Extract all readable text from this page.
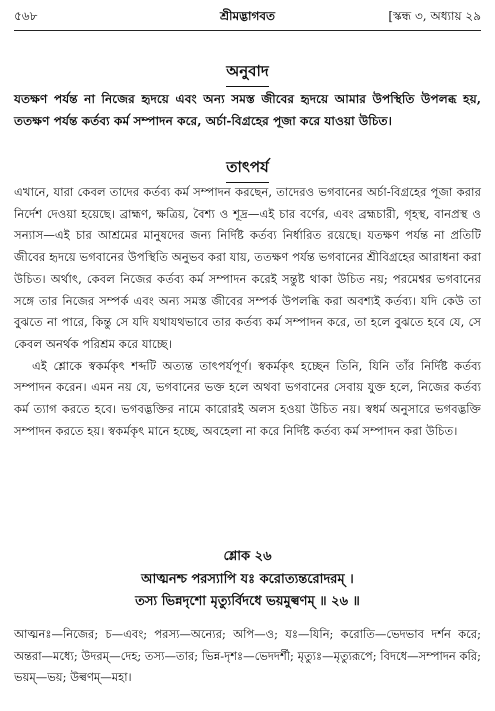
৫৬৮	শ্রীমদ্ভাগবত	[স্কন্ধ ৩, অধ্যায় ২৯
অনুবাদ
যতক্ষণ পর্যন্ত না নিজের হৃদয়ে এবং অন্য সমস্ত জীবের হৃদয়ে আমার উপস্থিতি উপলব্ধ হয়, ততক্ষণ পর্যন্ত কর্তব্য কর্ম সম্পাদন করে, অর্চা-বিগ্রহের পূজা করে যাওয়া উচিত।
তাৎপর্য

এখানে, যারা কেবল তাদের কর্তব্য কর্ম সম্পাদন করছেন, তাদেরও ভগবানের অর্চা-বিগ্রহের পূজা করার নির্দেশ দেওয়া হয়েছে। ব্রাহ্মণ, ক্ষত্রিয়, বৈশ্য ও শূদ্র—এই চার বর্ণের, এবং ব্রহ্মচারী, গৃহস্থ, বানপ্রস্থ ও সন্যাস—এই চার আশ্রমের মানুষদের জন্য নির্দিষ্ট কর্তব্য নির্ধারিত রয়েছে। যতক্ষণ পর্যন্ত না প্রতিটি জীবের হৃদয়ে ভগবানের উপস্থিতি অনুভব করা যায়, ততক্ষণ পর্যন্ত ভগবানের শ্রীবিগ্রহের আরাধনা করা উচিত। অর্থাৎ, কেবল নিজের কর্তব্য কর্ম সম্পাদন করেই সন্তুষ্ট থাকা উচিত নয়; পরমেশ্বর ভগবানের সঙ্গে তার নিজের সম্পর্ক এবং অন্য সমস্ত জীবের সম্পর্ক উপলব্ধি করা অবশ্যই কর্তব্য। যদি কেউ তা বুঝতে না পারে, কিন্তু সে যদি যথাযথভাবে তার কর্তব্য কর্ম সম্পাদন করে, তা হলে বুঝতে হবে যে, সে কেবল অনর্থক পরিশ্রম করে যাচ্ছে।

এই শ্লোকে স্বকর্মকৃৎ শব্দটি অত্যন্ত তাৎপর্যপূর্ণ। স্বকর্মকৃৎ হচ্ছেন তিনি, যিনি তাঁর নির্দিষ্ট কর্তব্য সম্পাদন করেন। এমন নয় যে, ভগবানের ভক্ত হলে অথবা ভগবানের সেবায় যুক্ত হলে, নিজের কর্তব্য কর্ম ত্যাগ করতে হবে। ভগবদ্ভক্তির নামে কারোরই অলস হওয়া উচিত নয়। স্বধর্ম অনুসারে ভগবদ্ভক্তি সম্পাদন করতে হয়। স্বকর্মকৃৎ মানে হচ্ছে, অবহেলা না করে নির্দিষ্ট কর্তব্য কর্ম সম্পাদন করা উচিত।

শ্লোক ২৬
আত্মনশ্চ পরস্যাপি যঃ করোত্যন্তরোদরম্ ।
তস্য ভিন্নদৃশো মৃত্যুর্বিদধে ভয়মুল্বণম্ ॥ ২৬ ॥
আত্মনঃ—নিজের; চ—এবং; পরস্য—অন্যের; অপি—ও; যঃ—যিনি; করোতি—ভেদভাব দর্শন করে; অন্তরা—মধ্যে; উদরম্—দেহ; তস্য—তার; ভিন্ন-দৃশঃ—ভেদদর্শী; মৃত্যুঃ—মৃত্যুরূপে; বিদধে—সম্পাদন করি; ভয়ম্—ভয়; উল্বণম্—মহা।
